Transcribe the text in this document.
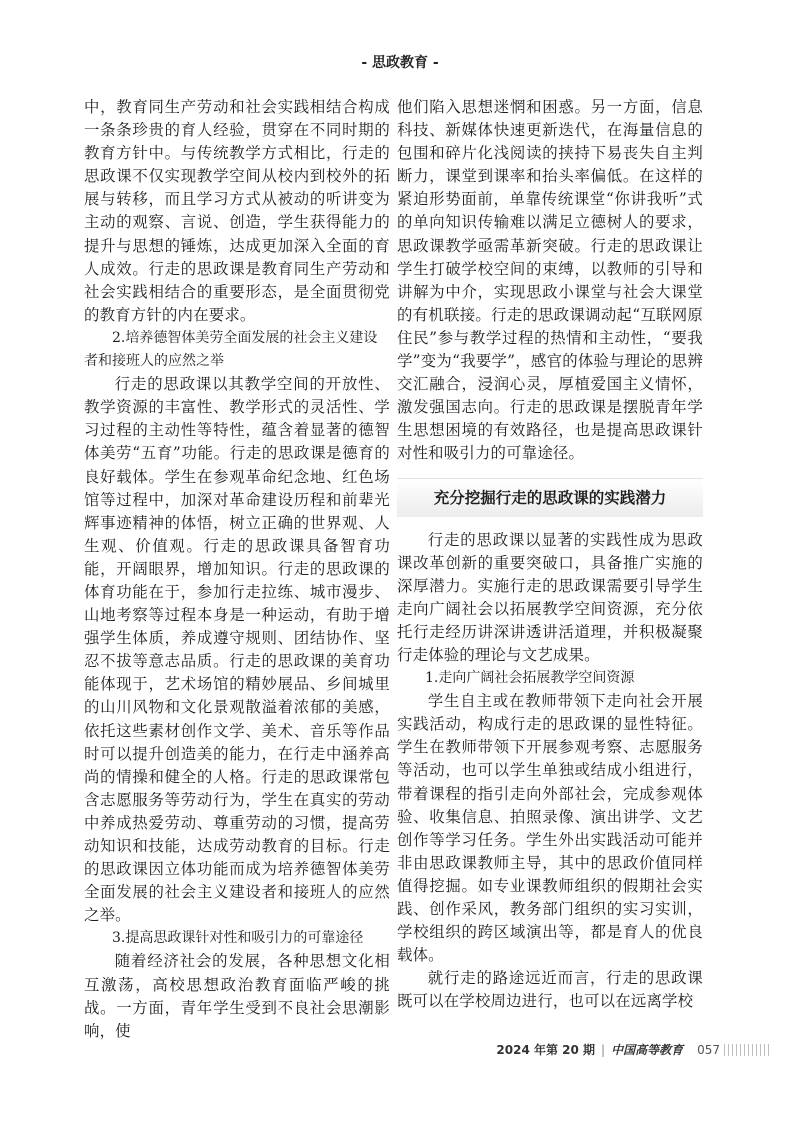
- 思政教育 -

中，教育同生产劳动和社会实践相结合构成一条条珍贵的育人经验，贯穿在不同时期的教育方针中。与传统教学方式相比，行走的思政课不仅实现教学空间从校内到校外的拓展与转移，而且学习方式从被动的听讲变为主动的观察、言说、创造，学生获得能力的提升与思想的锤炼，达成更加深入全面的育人成效。行走的思政课是教育同生产劳动和社会实践相结合的重要形态，是全面贯彻党的教育方针的内在要求。

2.培养德智体美劳全面发展的社会主义建设者和接班人的应然之举

行走的思政课以其教学空间的开放性、教学资源的丰富性、教学形式的灵活性、学习过程的主动性等特性，蕴含着显著的德智体美劳“五育”功能。行走的思政课是德育的良好载体。学生在参观革命纪念地、红色场馆等过程中，加深对革命建设历程和前辈光辉事迹精神的体悟，树立正确的世界观、人生观、价值观。行走的思政课具备智育功能，开阔眼界，增加知识。行走的思政课的体育功能在于，参加行走拉练、城市漫步、山地考察等过程本身是一种运动，有助于增强学生体质，养成遵守规则、团结协作、坚忍不拔等意志品质。行走的思政课的美育功能体现于，艺术场馆的精妙展品、乡间城里的山川风物和文化景观散溢着浓郁的美感，依托这些素材创作文学、美术、音乐等作品时可以提升创造美的能力，在行走中涵养高尚的情操和健全的人格。行走的思政课常包含志愿服务等劳动行为，学生在真实的劳动中养成热爱劳动、尊重劳动的习惯，提高劳动知识和技能，达成劳动教育的目标。行走的思政课因立体功能而成为培养德智体美劳全面发展的社会主义建设者和接班人的应然之举。

3.提高思政课针对性和吸引力的可靠途径

随着经济社会的发展，各种思想文化相互激荡，高校思想政治教育面临严峻的挑战。一方面，青年学生受到不良社会思潮影响，使

他们陷入思想迷惘和困惑。另一方面，信息科技、新媒体快速更新迭代，在海量信息的包围和碎片化浅阅读的挟持下易丧失自主判断力，课堂到课率和抬头率偏低。在这样的紧迫形势面前，单靠传统课堂“你讲我听”式的单向知识传输难以满足立德树人的要求，思政课教学亟需革新突破。行走的思政课让学生打破学校空间的束缚，以教师的引导和讲解为中介，实现思政小课堂与社会大课堂的有机联接。行走的思政课调动起“互联网原住民”参与教学过程的热情和主动性，“要我学”变为“我要学”，感官的体验与理论的思辨交汇融合，浸润心灵，厚植爱国主义情怀，激发强国志向。行走的思政课是摆脱青年学生思想困境的有效路径，也是提高思政课针对性和吸引力的可靠途径。

充分挖掘行走的思政课的实践潜力

行走的思政课以显著的实践性成为思政课改革创新的重要突破口，具备推广实施的深厚潜力。实施行走的思政课需要引导学生走向广阔社会以拓展教学空间资源，充分依托行走经历讲深讲透讲活道理，并积极凝聚行走体验的理论与文艺成果。

1.走向广阔社会拓展教学空间资源

学生自主或在教师带领下走向社会开展实践活动，构成行走的思政课的显性特征。学生在教师带领下开展参观考察、志愿服务等活动，也可以学生单独或结成小组进行，带着课程的指引走向外部社会，完成参观体验、收集信息、拍照录像、演出讲学、文艺创作等学习任务。学生外出实践活动可能并非由思政课教师主导，其中的思政价值同样值得挖掘。如专业课教师组织的假期社会实践、创作采风，教务部门组织的实习实训，学校组织的跨区域演出等，都是育人的优良载体。

就行走的路途远近而言，行走的思政课既可以在学校周边进行，也可以在远离学校

2024 年第 20 期 | 中国高等教育 057
